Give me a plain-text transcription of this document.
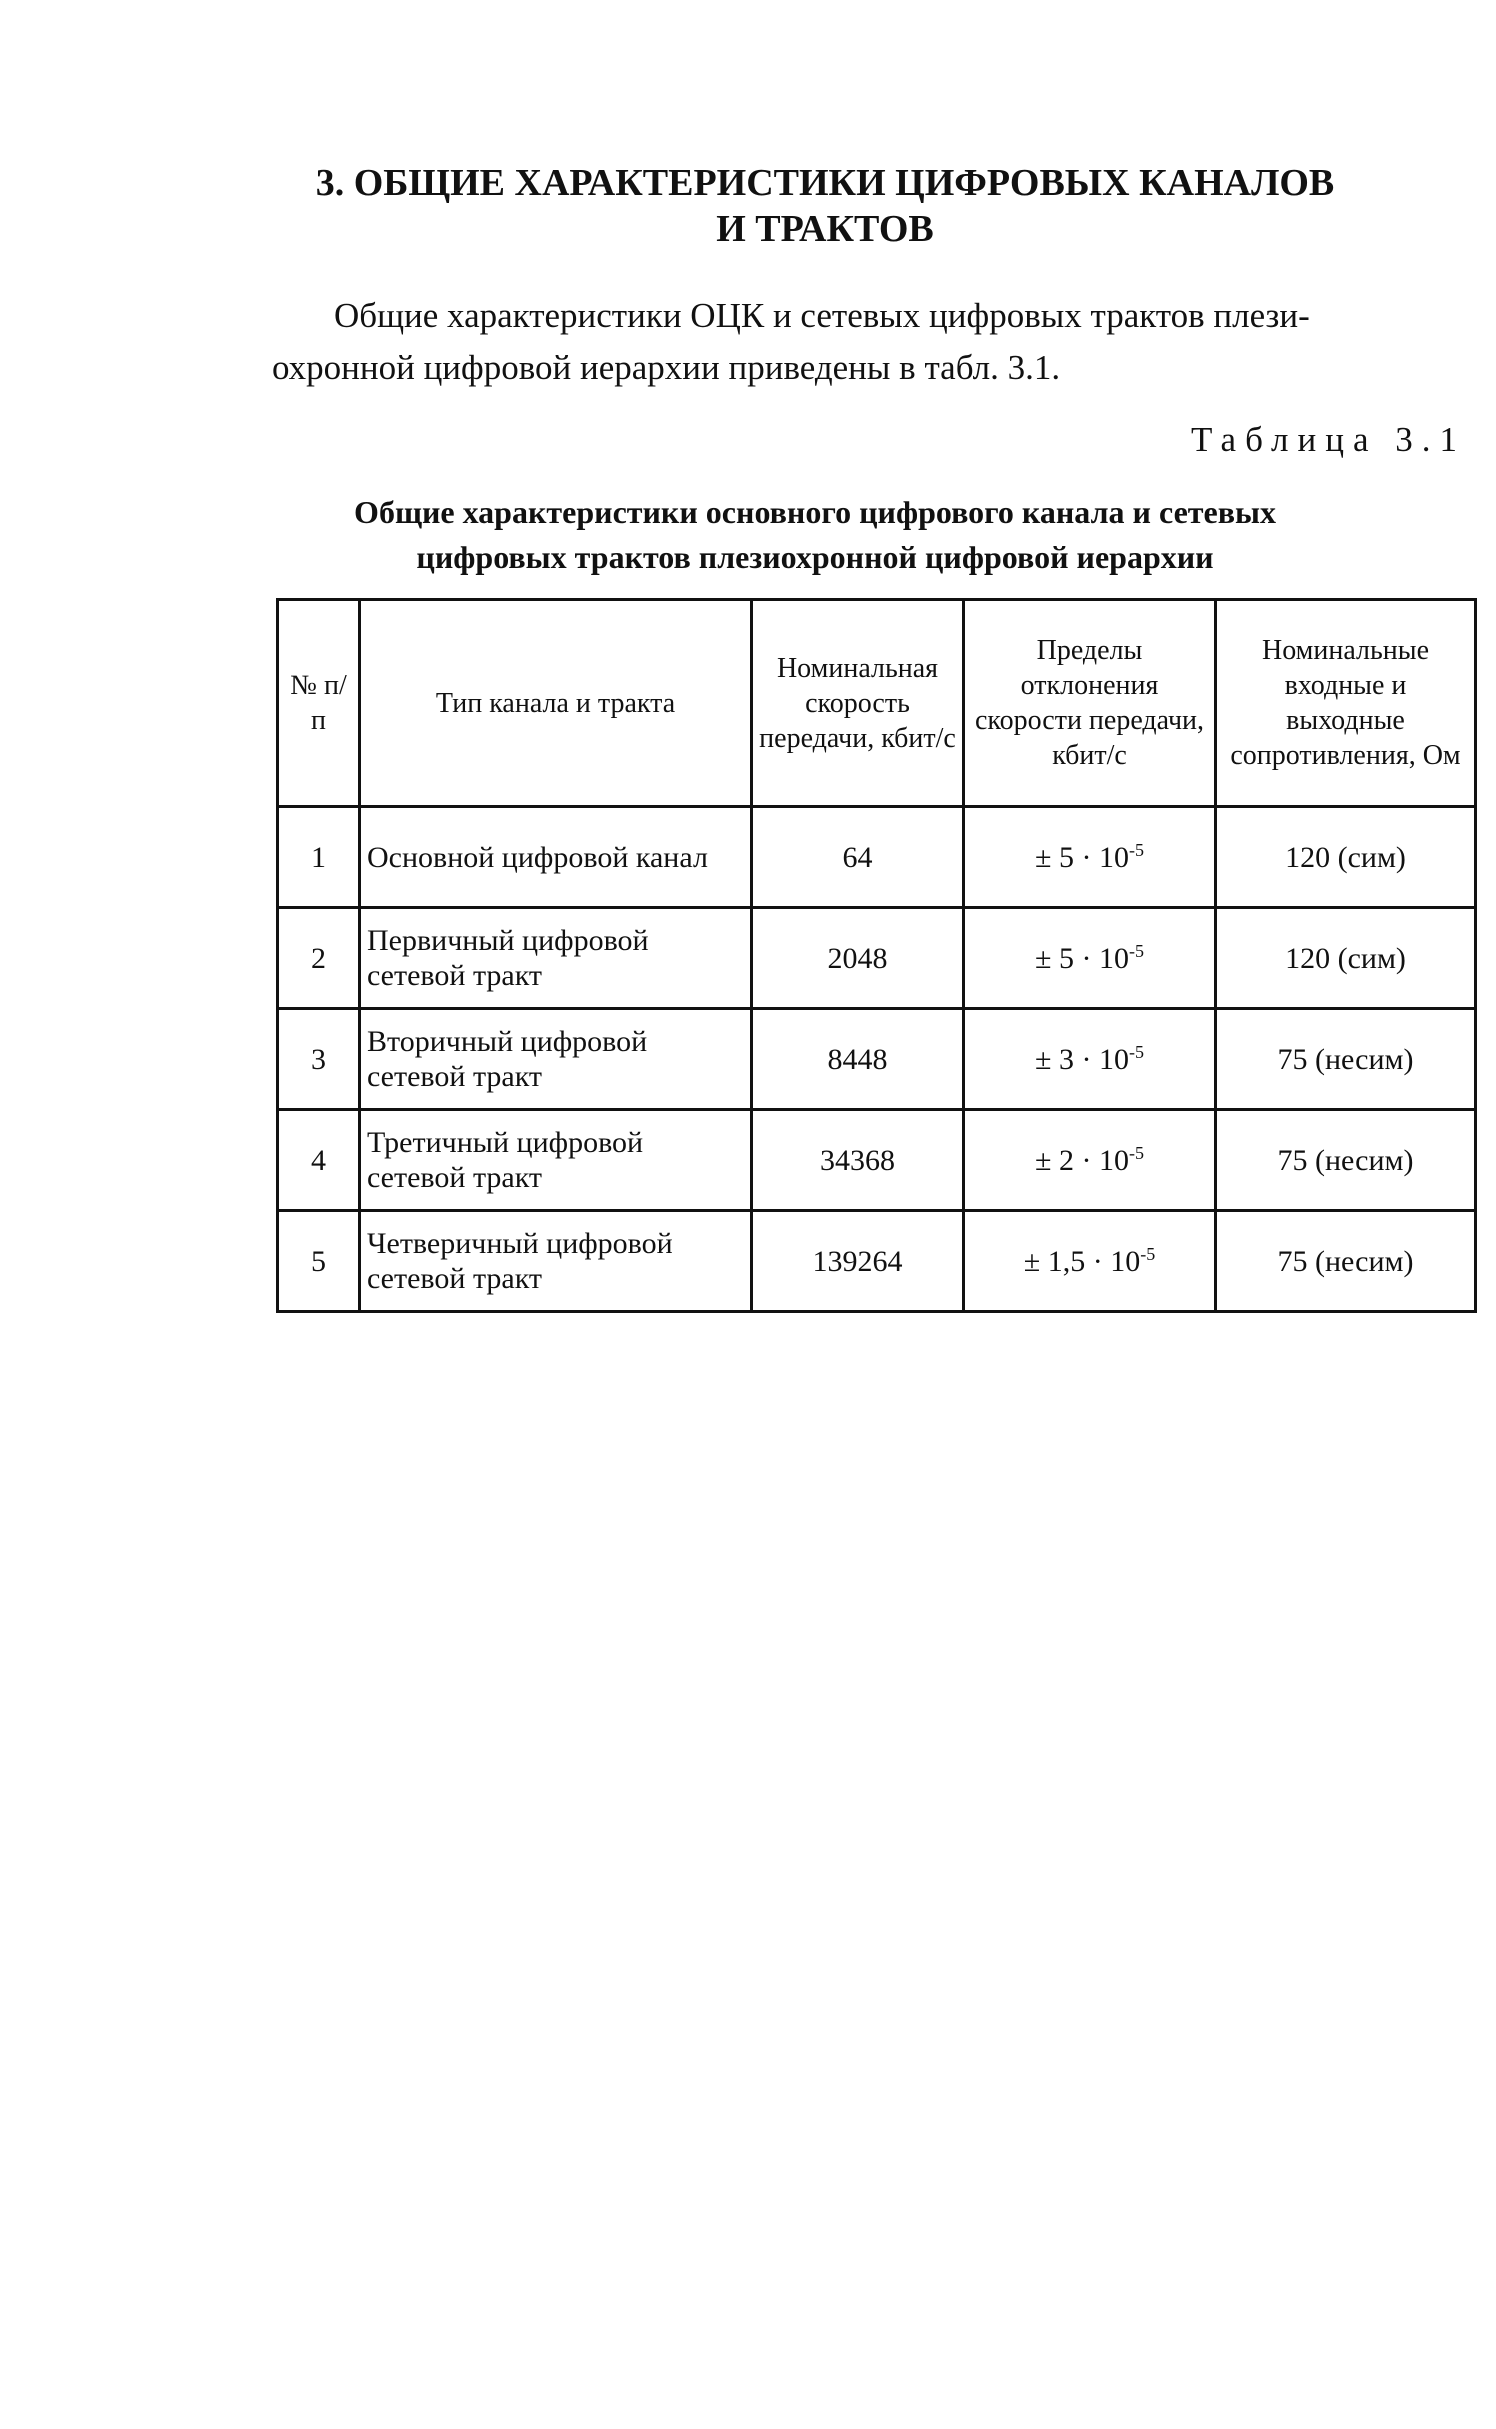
3. ОБЩИЕ ХАРАКТЕРИСТИКИ ЦИФРОВЫХ КАНАЛОВ И ТРАКТОВ
Общие характеристики ОЦК и сетевых цифровых трактов плези-
охронной цифровой иерархии приведены в табл. 3.1.
Таблица 3.1
Общие характеристики основного цифрового канала и сетевых
цифровых трактов плезиохронной цифровой иерархии
№ п/п	Тип канала и тракта	Номинальная скорость передачи, кбит/с	Пределы отклонения скорости передачи, кбит/с	Номинальные входные и выходные сопротивления, Ом
1	Основной цифровой канал	64	± $5 \cdot 10^{-5}$	120 (сим)
2	Первичный цифровой сетевой тракт	2048	± $5 \cdot 10^{-5}$	120 (сим)
3	Вторичный цифровой сетевой тракт	8448	± $3 \cdot 10^{-5}$	75 (несим)
4	Третичный цифровой сетевой тракт	34368	± $2 \cdot 10^{-5}$	75 (несим)
5	Четверичный цифровой сетевой тракт	139264	± $1,5 \cdot 10^{-5}$	75 (несим)
